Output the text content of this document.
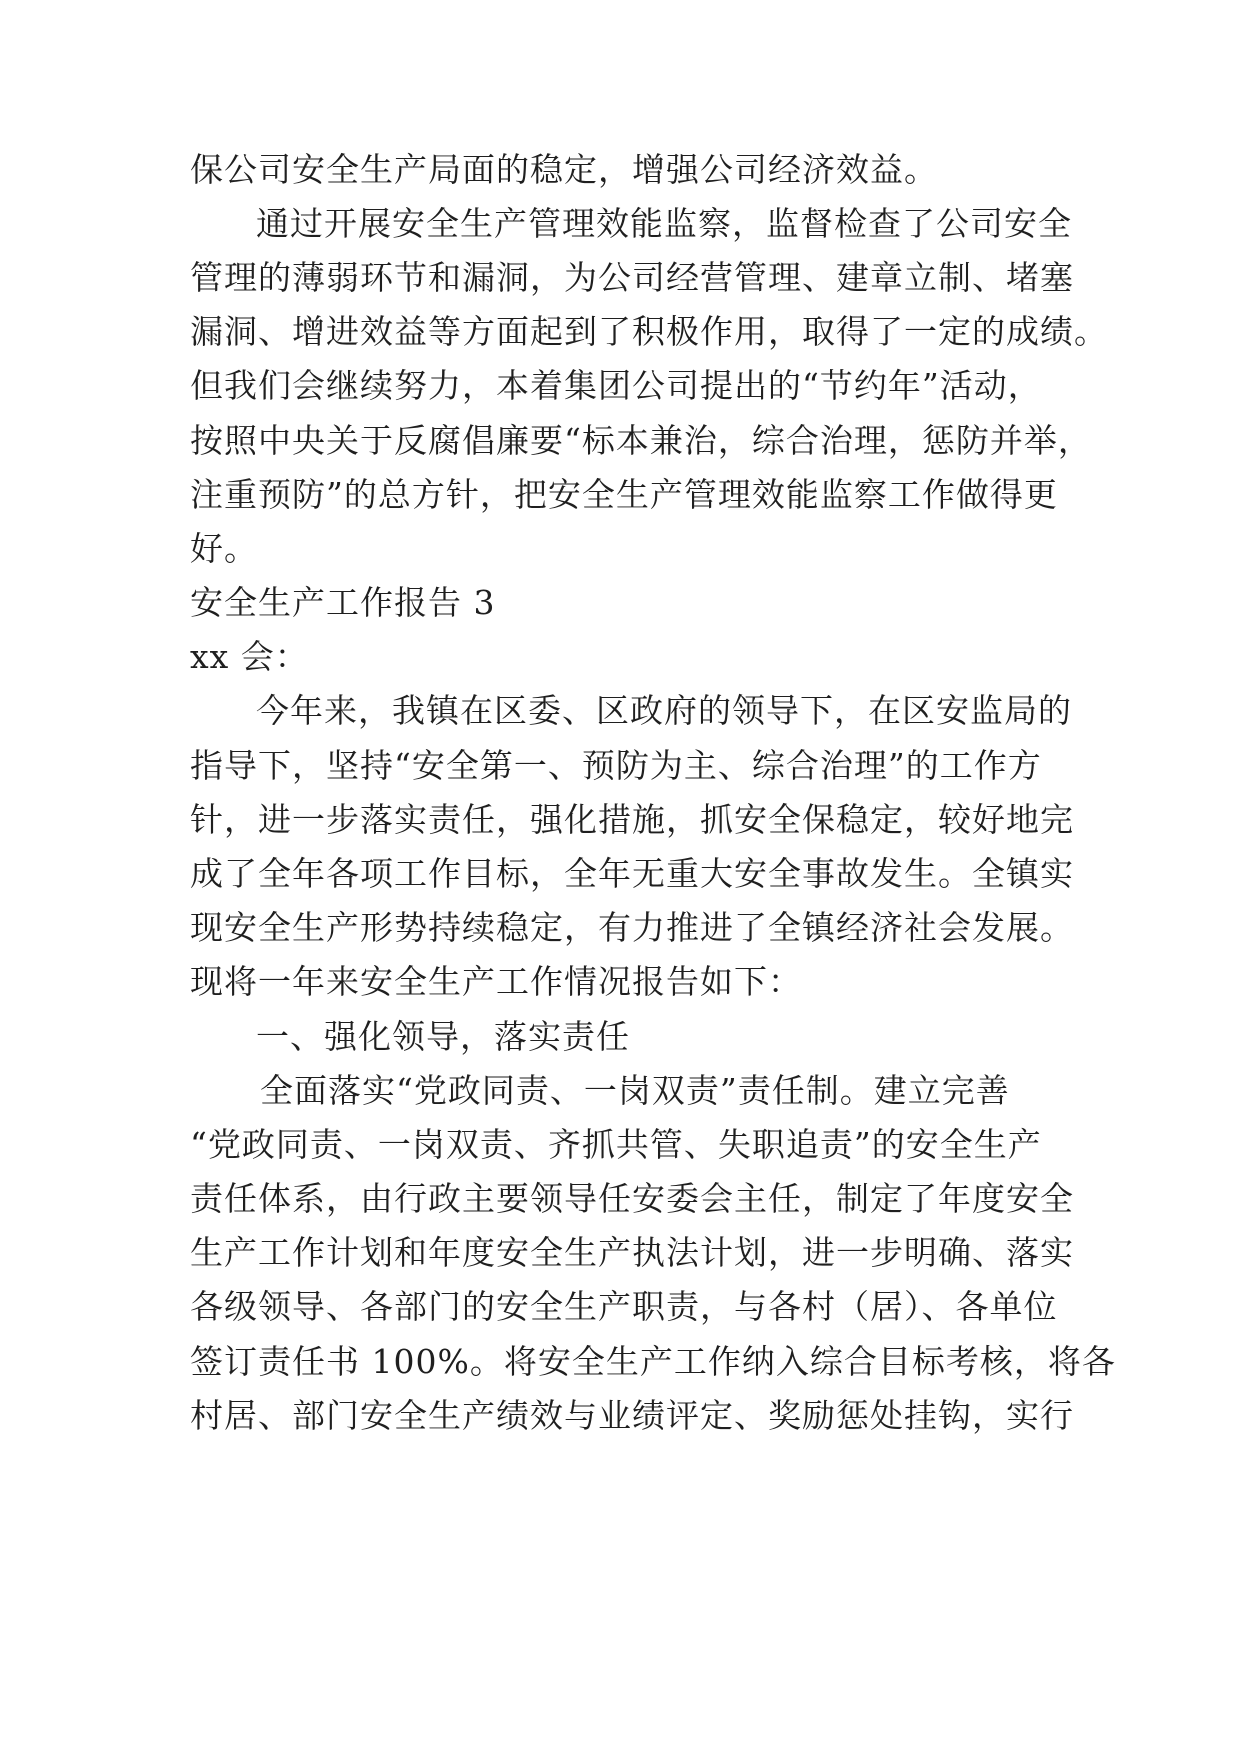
保公司安全生产局面的稳定，增强公司经济效益。

通过开展安全生产管理效能监察，监督检查了公司安全

管理的薄弱环节和漏洞，为公司经营管理、建章立制、堵塞

漏洞、增进效益等方面起到了积极作用，取得了一定的成绩。

但我们会继续努力，本着集团公司提出的“节约年”活动，

按照中央关于反腐倡廉要“标本兼治，综合治理，惩防并举，

注重预防”的总方针，把安全生产管理效能监察工作做得更

好。

安全生产工作报告 3

xx 会：

今年来，我镇在区委、区政府的领导下，在区安监局的

指导下，坚持“安全第一、预防为主、综合治理”的工作方

针，进一步落实责任，强化措施，抓安全保稳定，较好地完

成了全年各项工作目标，全年无重大安全事故发生。全镇实

现安全生产形势持续稳定，有力推进了全镇经济社会发展。

现将一年来安全生产工作情况报告如下：

一、强化领导，落实责任

全面落实“党政同责、一岗双责”责任制。建立完善

“党政同责、一岗双责、齐抓共管、失职追责”的安全生产

责任体系，由行政主要领导任安委会主任，制定了年度安全

生产工作计划和年度安全生产执法计划，进一步明确、落实

各级领导、各部门的安全生产职责，与各村（居）、各单位

签订责任书 100%。将安全生产工作纳入综合目标考核，将各

村居、部门安全生产绩效与业绩评定、奖励惩处挂钩，实行
